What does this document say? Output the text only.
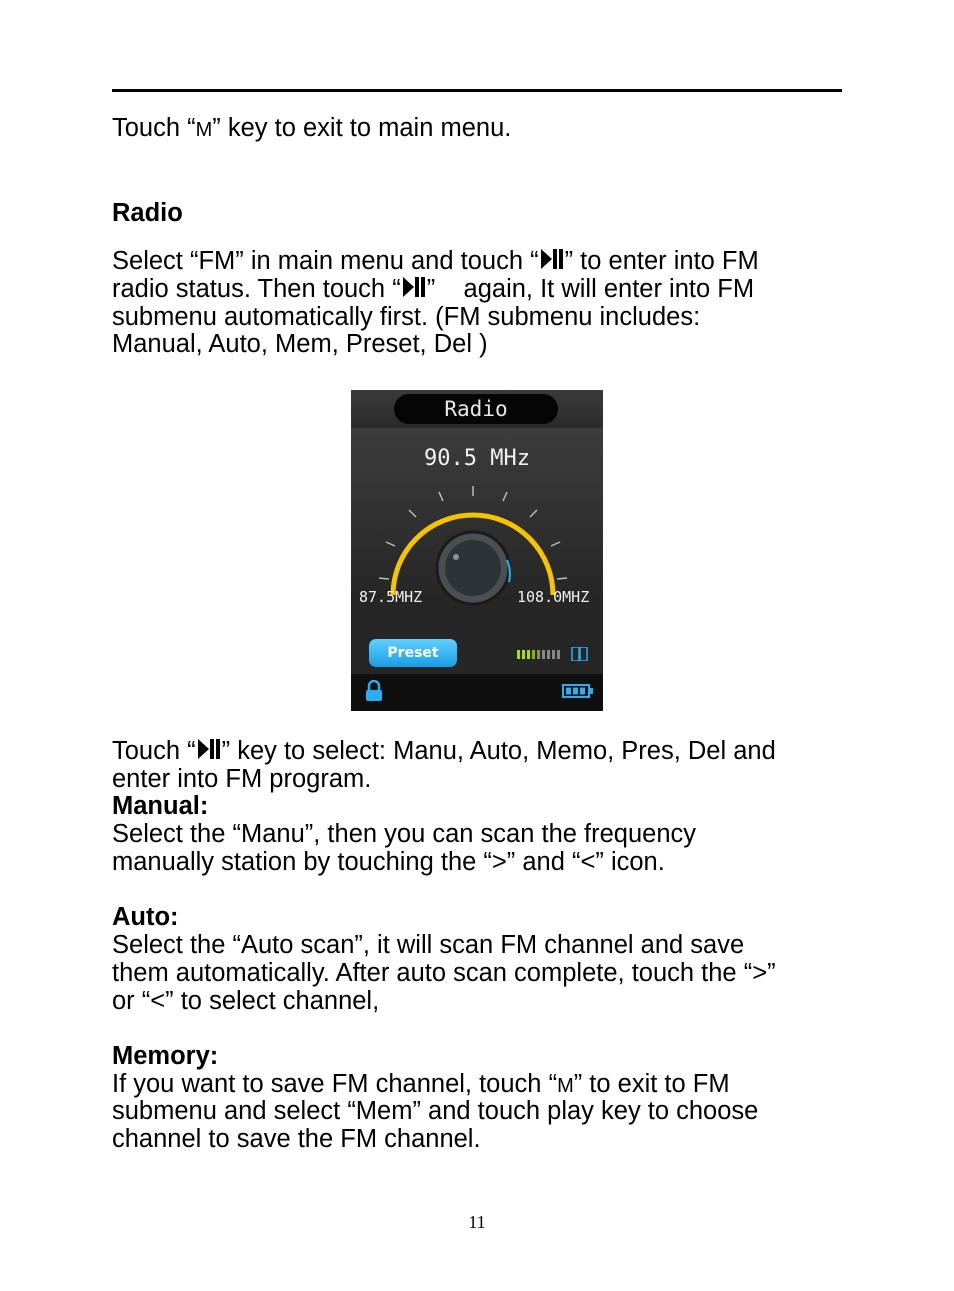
Touch “M” key to exit to main menu.
Radio
Select “FM” in main menu and touch “ ” to enter into FM
radio status. Then touch “ ”    again, It will enter into FM
submenu automatically first. (FM submenu includes:
Manual, Auto, Mem, Preset, Del )
Radio
90.5 MHz
87.5MHZ	108.0MHZ
Preset
Touch “ ” key to select: Manu, Auto, Memo, Pres, Del and
enter into FM program.
Manual:
Select the “Manu”, then you can scan the frequency
manually station by touching the “>” and “<” icon.
Auto:
Select the “Auto scan”, it will scan FM channel and save
them automatically. After auto scan complete, touch the “>”
or “<” to select channel,
Memory:
If you want to save FM channel, touch “M” to exit to FM
submenu and select “Mem” and touch play key to choose
channel to save the FM channel.
11
